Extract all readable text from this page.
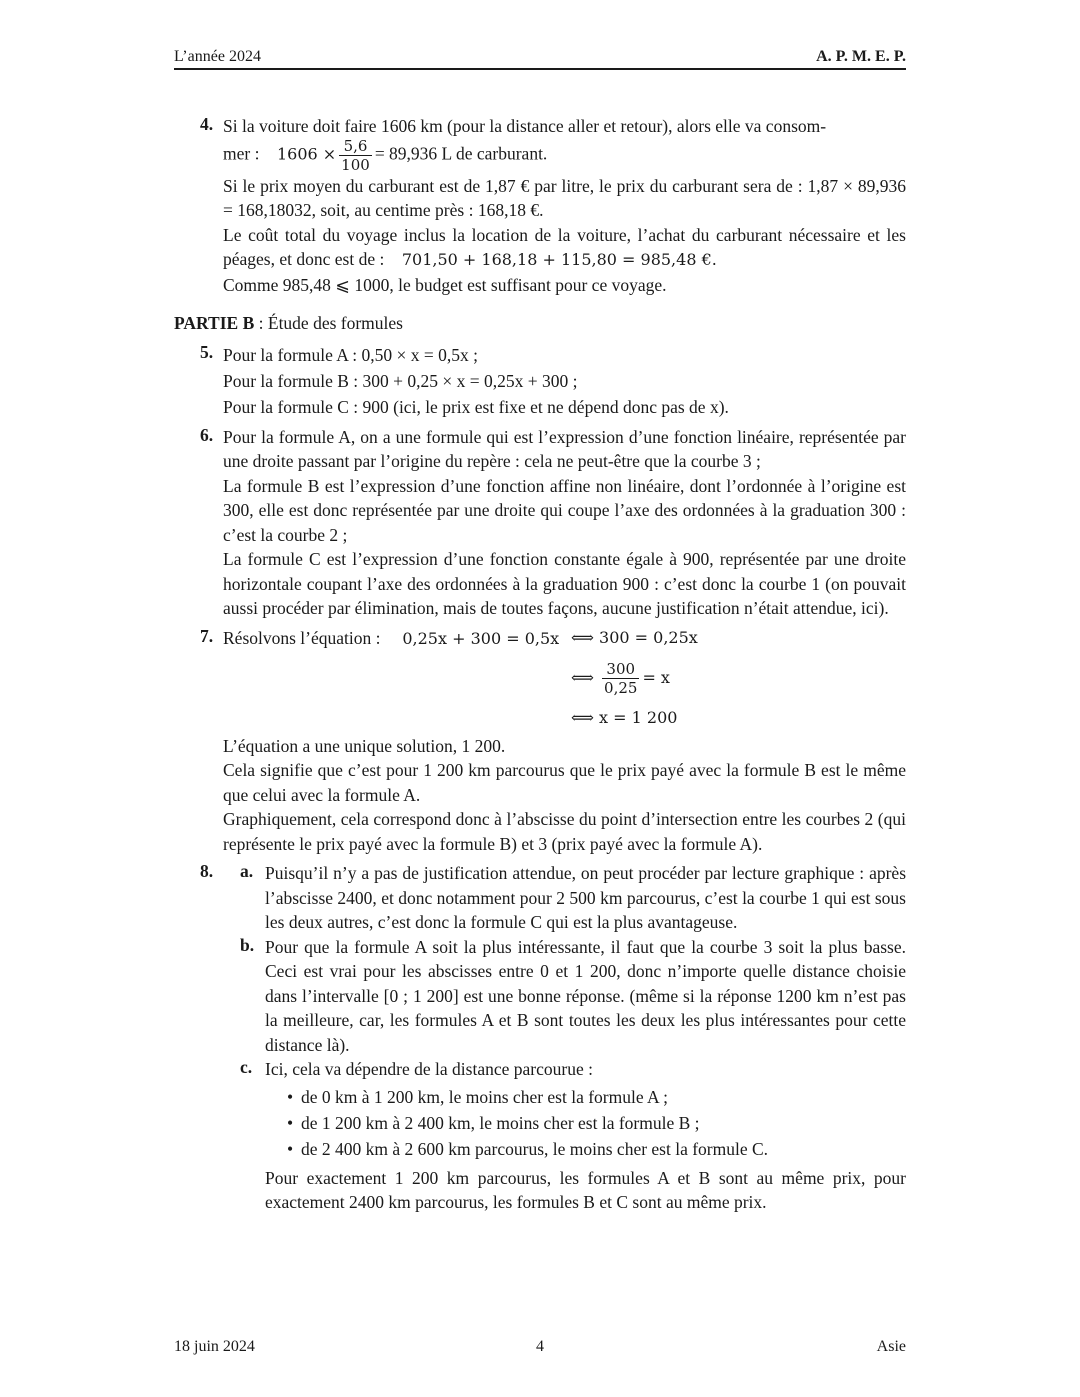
L’année 2024	A. P. M. E. P.
4. Si la voiture doit faire 1606 km (pour la distance aller et retour), alors elle va consom-

mer : $1606 \times \frac{5,6}{100} = 89,936$ L de carburant.

Si le prix moyen du carburant est de 1,87 € par litre, le prix du carburant sera de : 1,87 × 89,936 = 168,18032, soit, au centime près : 168,18 €.

Le coût total du voyage inclus la location de la voiture, l’achat du carburant nécessaire et les péages, et donc est de : 701,50 + 168,18 + 115,80 = 985,48 €.

Comme 985,48 ⩽ 1000, le budget est suffisant pour ce voyage.

PARTIE B : Étude des formules

5. Pour la formule A : 0,50 × x = 0,5x ;

Pour la formule B : 300 + 0,25 × x = 0,25x + 300 ;

Pour la formule C : 900 (ici, le prix est fixe et ne dépend donc pas de x).

6. Pour la formule A, on a une formule qui est l’expression d’une fonction linéaire, représentée par une droite passant par l’origine du repère : cela ne peut-être que la courbe 3 ;

La formule B est l’expression d’une fonction affine non linéaire, dont l’ordonnée à l’origine est 300, elle est donc représentée par une droite qui coupe l’axe des ordonnées à la graduation 300 : c’est la courbe 2 ;

La formule C est l’expression d’une fonction constante égale à 900, représentée par une droite horizontale coupant l’axe des ordonnées à la graduation 900 : c’est donc la courbe 1 (on pouvait aussi procéder par élimination, mais de toutes façons, aucune justification n’était attendue, ici).

7. Résolvons l’équation : 0,25x + 300 = 0,5x ⟺ 300 = 0,25x
⟺ $\frac{300}{0,25} = x$
⟺ x = 1 200

L’équation a une unique solution, 1 200.

Cela signifie que c’est pour 1 200 km parcourus que le prix payé avec la formule B est le même que celui avec la formule A.

Graphiquement, cela correspond donc à l’abscisse du point d’intersection entre les courbes 2 (qui représente le prix payé avec la formule B) et 3 (prix payé avec la formule A).

8. a. Puisqu’il n’y a pas de justification attendue, on peut procéder par lecture graphique : après l’abscisse 2400, et donc notamment pour 2 500 km parcourus, c’est la courbe 1 qui est sous les deux autres, c’est donc la formule C qui est la plus avantageuse.

b. Pour que la formule A soit la plus intéressante, il faut que la courbe 3 soit la plus basse. Ceci est vrai pour les abscisses entre 0 et 1 200, donc n’importe quelle distance choisie dans l’intervalle [0 ; 1 200] est une bonne réponse. (même si la réponse 1200 km n’est pas la meilleure, car, les formules A et B sont toutes les deux les plus intéressantes pour cette distance là).

c. Ici, cela va dépendre de la distance parcourue :

• de 0 km à 1 200 km, le moins cher est la formule A ;
• de 1 200 km à 2 400 km, le moins cher est la formule B ;
• de 2 400 km à 2 600 km parcourus, le moins cher est la formule C.

Pour exactement 1 200 km parcourus, les formules A et B sont au même prix, pour exactement 2400 km parcourus, les formules B et C sont au même prix.

18 juin 2024	4	Asie
